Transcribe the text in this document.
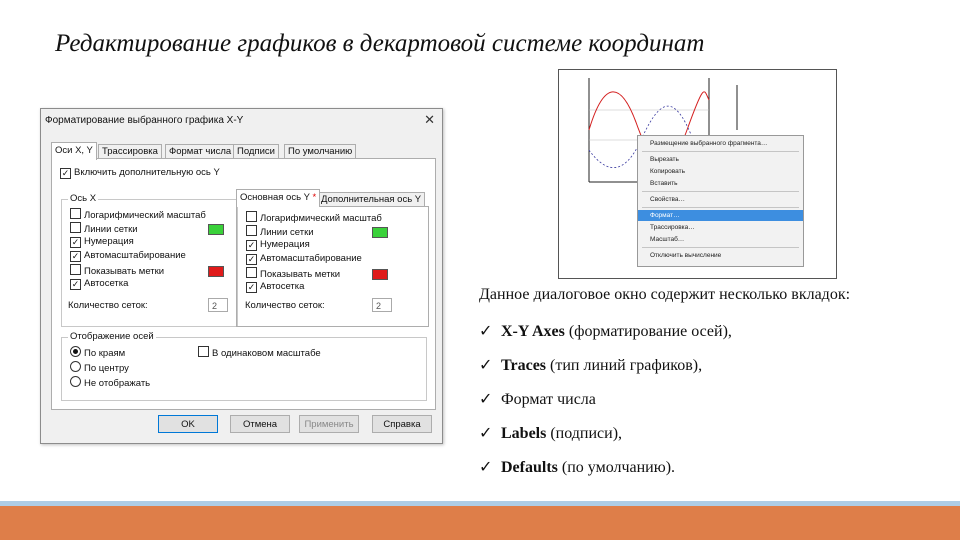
Редактирование графиков в декартовой системе координат
Форматирование выбранного графика X-Y	✕
Оси X, Y Трассировка	Формат числа Подписи	По умолчанию
✓ Включить дополнительную ось Y
Ось X
Логарифмический масштаб
Линии сетки
✓ Нумерация
✓ Автомасштабирование
Показывать метки
✓ Автосетка
Количество сеток:	2
Основная ось Y * Дополнительная ось Y
Логарифмический масштаб
Линии сетки
✓ Нумерация
✓ Автомасштабирование
Показывать метки
✓ Автосетка
Количество сеток:	2
Отображение осей
По краям
По центру
Не отображать
В одинаковом масштабе
OK	Отмена	Применить	Справка
Размещение выбранного фрагмента…
Вырезать
Копировать
Вставить
Свойства…
Формат…
Трассировка…
Масштаб…
Отключить вычисление
Данное диалоговое окно содержит несколько вкладок:
✓ X-Y Axes (форматирование осей),
✓ Traces (тип линий графиков),
✓ Формат числа
✓ Labels (подписи),
✓ Defaults (по умолчанию).
